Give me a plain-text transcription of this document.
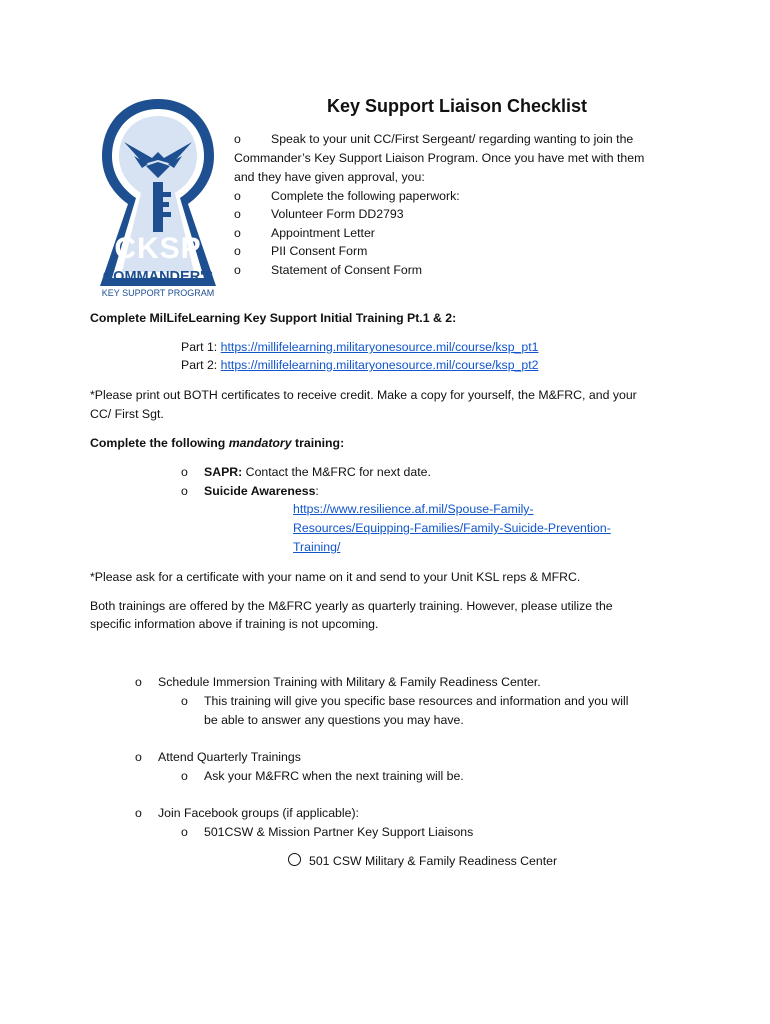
CKSP
COMMANDER'S
KEY SUPPORT PROGRAM
Key Support Liaison Checklist
o Speak to your unit CC/First Sergeant/ regarding wanting to join the
Commander’s Key Support Liaison Program. Once you have met with them
and they have given approval, you:
o Complete the following paperwork:
o Volunteer Form DD2793
o Appointment Letter
o PII Consent Form
o Statement of Consent Form
Complete MilLifeLearning Key Support Initial Training Pt.1 & 2:
Part 1: https://millifelearning.militaryonesource.mil/course/ksp_pt1
Part 2: https://millifelearning.militaryonesource.mil/course/ksp_pt2
*Please print out BOTH certificates to receive credit. Make a copy for yourself, the M&FRC, and your
CC/ First Sgt.
Complete the following mandatory training:
o SAPR: Contact the M&FRC for next date.
o Suicide Awareness:
https://www.resilience.af.mil/Spouse-Family-
Resources/Equipping-Families/Family-Suicide-Prevention-
Training/
*Please ask for a certificate with your name on it and send to your Unit KSL reps & MFRC.
Both trainings are offered by the M&FRC yearly as quarterly training. However, please utilize the
specific information above if training is not upcoming.
o Schedule Immersion Training with Military & Family Readiness Center.
o This training will give you specific base resources and information and you will
be able to answer any questions you may have.
o Attend Quarterly Trainings
o Ask your M&FRC when the next training will be.
o Join Facebook groups (if applicable):
o 501CSW & Mission Partner Key Support Liaisons
501 CSW Military & Family Readiness Center
